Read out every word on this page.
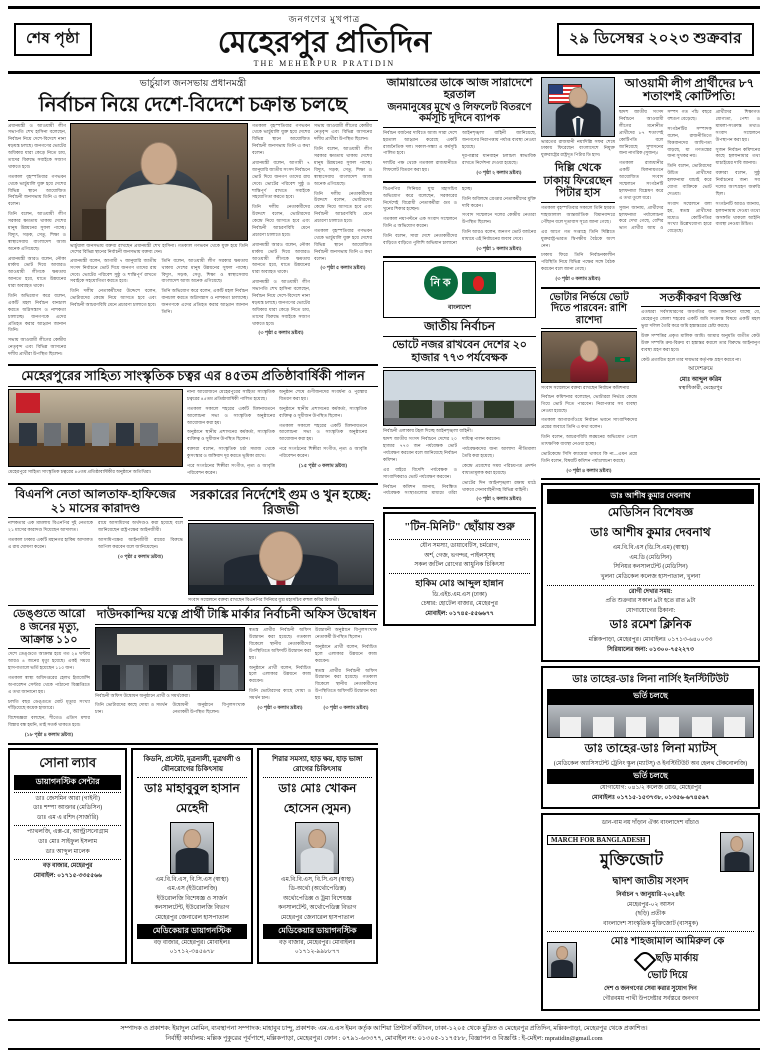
শেষ পৃষ্ঠা
জনগণের মুখপাত্র
মেহেরপুর প্রতিদিন
THE MEHERPUR PRATIDIN
২৯ ডিসেম্বর ২০২৩ শুক্রবার
ভার্চুয়াল জনসভায় প্রধানমন্ত্রী
নির্বাচন নিয়ে দেশে-বিদেশে চক্রান্ত চলছে

প্রধানমন্ত্রী ও আওয়ামী লীগ সভাপতি শেখ হাসিনা বলেছেন, নির্বাচন নিয়ে দেশে-বিদেশে নানা ষড়যন্ত্র চলছে। জনগণের ভোটের অধিকার যারা কেড়ে নিতে চায়, তাদের বিরুদ্ধে সবাইকে সজাগ থাকতে হবে।

গতকাল বৃহস্পতিবার গণভবন থেকে ভার্চুয়ালি যুক্ত হয়ে দেশের বিভিন্ন স্থানে আয়োজিত নির্বাচনী জনসভায় তিনি এ কথা বলেন।

তিনি বলেন, আওয়ামী লীগ সরকার ক্ষমতায় থাকায় দেশের মানুষ উন্নয়নের সুফল পাচ্ছে। বিদ্যুৎ, সড়ক, সেতু, শিক্ষা ও স্বাস্থ্যসেবায় বাংলাদেশ আজ অনেক এগিয়েছে।

প্রধানমন্ত্রী আরও বলেন, নৌকা মার্কায় ভোট দিয়ে আবারও আওয়ামী লীগকে ক্ষমতায় আনতে হবে, যাতে উন্নয়নের ধারা অব্যাহত থাকে।

তিনি অভিযোগ করে বলেন, একটি মহল নির্বাচন বানচাল করতে অগ্নিসন্ত্রাস ও নাশকতা চালাচ্ছে। জনগণকে এদের প্রতিহত করার আহ্বান জানান তিনি।

সভায় আওয়ামী লীগের কেন্দ্রীয় নেতৃবৃন্দ এবং বিভিন্ন আসনের দলীয় প্রার্থীরা উপস্থিত ছিলেন।

ভার্চুয়াল জনসভায় বক্তব্য রাখছেন প্রধানমন্ত্রী শেখ হাসিনা। গতকাল গণভবন থেকে যুক্ত হয়ে তিনি দেশের বিভিন্ন স্থানের নির্বাচনী জনসভায় বক্তব্য দেন।

প্রধানমন্ত্রী বলেন, আগামী ৭ জানুয়ারি জাতীয় সংসদ নির্বাচনে ভোট দিয়ে জনগণ তাদের রায় দেবে। ভোটের পরিবেশ সুষ্ঠু ও শান্তিপূর্ণ রাখতে সবাইকে সহযোগিতা করতে হবে।

তিনি দলীয় নেতাকর্মীদের উদ্দেশে বলেন, ভোটারদের কেন্দ্রে নিয়ে আসতে হবে এবং নির্বাচনী আচরণবিধি মেনে প্রচারণা চালাতে হবে।

তিনি বলেন, আওয়ামী লীগ সরকার ক্ষমতায় থাকায় দেশের মানুষ উন্নয়নের সুফল পাচ্ছে। বিদ্যুৎ, সড়ক, সেতু, শিক্ষা ও স্বাস্থ্যসেবায় বাংলাদেশ আজ অনেক এগিয়েছে।

তিনি অভিযোগ করে বলেন, একটি মহল নির্বাচন বানচাল করতে অগ্নিসন্ত্রাস ও নাশকতা চালাচ্ছে। জনগণকে এদের প্রতিহত করার আহ্বান জানান তিনি।

গতকাল বৃহস্পতিবার গণভবন থেকে ভার্চুয়ালি যুক্ত হয়ে দেশের বিভিন্ন স্থানে আয়োজিত নির্বাচনী জনসভায় তিনি এ কথা বলেন।

প্রধানমন্ত্রী বলেন, আগামী ৭ জানুয়ারি জাতীয় সংসদ নির্বাচনে ভোট দিয়ে জনগণ তাদের রায় দেবে। ভোটের পরিবেশ সুষ্ঠু ও শান্তিপূর্ণ রাখতে সবাইকে সহযোগিতা করতে হবে।

তিনি দলীয় নেতাকর্মীদের উদ্দেশে বলেন, ভোটারদের কেন্দ্রে নিয়ে আসতে হবে এবং নির্বাচনী আচরণবিধি মেনে প্রচারণা চালাতে হবে।

প্রধানমন্ত্রী আরও বলেন, নৌকা মার্কায় ভোট দিয়ে আবারও আওয়ামী লীগকে ক্ষমতায় আনতে হবে, যাতে উন্নয়নের ধারা অব্যাহত থাকে।

প্রধানমন্ত্রী ও আওয়ামী লীগ সভাপতি শেখ হাসিনা বলেছেন, নির্বাচন নিয়ে দেশে-বিদেশে নানা ষড়যন্ত্র চলছে। জনগণের ভোটের অধিকার যারা কেড়ে নিতে চায়, তাদের বিরুদ্ধে সবাইকে সজাগ থাকতে হবে।

(৩ পৃষ্ঠা ৫ কলাম দ্রষ্টব্য)

সভায় আওয়ামী লীগের কেন্দ্রীয় নেতৃবৃন্দ এবং বিভিন্ন আসনের দলীয় প্রার্থীরা উপস্থিত ছিলেন।

তিনি বলেন, আওয়ামী লীগ সরকার ক্ষমতায় থাকায় দেশের মানুষ উন্নয়নের সুফল পাচ্ছে। বিদ্যুৎ, সড়ক, সেতু, শিক্ষা ও স্বাস্থ্যসেবায় বাংলাদেশ আজ অনেক এগিয়েছে।

তিনি দলীয় নেতাকর্মীদের উদ্দেশে বলেন, ভোটারদের কেন্দ্রে নিয়ে আসতে হবে এবং নির্বাচনী আচরণবিধি মেনে প্রচারণা চালাতে হবে।

গতকাল বৃহস্পতিবার গণভবন থেকে ভার্চুয়ালি যুক্ত হয়ে দেশের বিভিন্ন স্থানে আয়োজিত নির্বাচনী জনসভায় তিনি এ কথা বলেন।

(৩ পৃষ্ঠা ৫ কলাম দ্রষ্টব্য)
মেহেরপুরের সাহিত্য সাংস্কৃতিক চত্বর এর ৪৫তম প্রতিষ্ঠাবার্ষিকী পালন
মেহেরপুরে সাহিত্য সাংস্কৃতিক চত্বরের ৪৫তম প্রতিষ্ঠাবার্ষিকীর অনুষ্ঠানে অতিথিরা।

নানা আয়োজনে মেহেরপুরের সাহিত্য সাংস্কৃতিক চত্বরের ৪৫তম প্রতিষ্ঠাবার্ষিকী পালিত হয়েছে।

গতকাল সকালে শহরের একটি মিলনায়তনে আলোচনা সভা ও সাংস্কৃতিক অনুষ্ঠানের আয়োজন করা হয়।

অনুষ্ঠানে স্থানীয় প্রশাসনের কর্মকর্তা, সাংস্কৃতিক ব্যক্তিত্ব ও সুধীজন উপস্থিত ছিলেন।

বক্তারা বলেন, সাংস্কৃতিক চর্চা সমাজ থেকে কুসংস্কার ও জঙ্গিবাদ দূর করতে ভূমিকা রাখে।

পরে সংগঠনের শিল্পীরা সংগীত, নৃত্য ও আবৃত্তি পরিবেশন করেন।

অনুষ্ঠান শেষে গুণীজনদের সংবর্ধনা ও পুরস্কার বিতরণ করা হয়।

অনুষ্ঠানে স্থানীয় প্রশাসনের কর্মকর্তা, সাংস্কৃতিক ব্যক্তিত্ব ও সুধীজন উপস্থিত ছিলেন।

গতকাল সকালে শহরের একটি মিলনায়তনে আলোচনা সভা ও সাংস্কৃতিক অনুষ্ঠানের আয়োজন করা হয়।

পরে সংগঠনের শিল্পীরা সংগীত, নৃত্য ও আবৃত্তি পরিবেশন করেন।

(১৫ পৃষ্ঠা ৩ কলাম দ্রষ্টব্য)
বিএনপি নেতা আলতাফ-হাফিজের ২১ মাসের কারাদণ্ড

নাশকতার এক মামলায় বিএনপির দুই নেতাকে ২১ মাসের কারাদণ্ড দিয়েছেন আদালত।

গতকাল ঢাকার একটি মহানগর হাকিম আদালত এ রায় ঘোষণা করেন।

রায়ে আসামিদের অর্থদণ্ডও করা হয়েছে বলে জানিয়েছেন রাষ্ট্রপক্ষের আইনজীবী।

আসামিপক্ষের আইনজীবী রায়ের বিরুদ্ধে আপিল করবেন বলে জানিয়েছেন।

(৩ পৃষ্ঠা ৫ কলাম দ্রষ্টব্য)
সরকারের নির্দেশেই গুম ও খুন হচ্ছে: রিজভী
সংবাদ সম্মেলনে বক্তব্য রাখছেন বিএনপির সিনিয়র যুগ্ম মহাসচিব রুহুল কবির রিজভী।
ডেঙ্গুতে আরো ৪ জনের মৃত্যু, আক্রান্ত ১১০

দেশে ডেঙ্গুতে আক্রান্ত হয়ে গত ২৪ ঘণ্টায় আরও ৪ জনের মৃত্যু হয়েছে। একই সময়ে হাসপাতালে ভর্তি হয়েছেন ১১০ জন।

গতকাল স্বাস্থ্য অধিদপ্তরের হেলথ ইমার্জেন্সি অপারেশন সেন্টার থেকে পাঠানো বিজ্ঞপ্তিতে এ তথ্য জানানো হয়।

চলতি বছর ডেঙ্গুতে মোট মৃত্যুর সংখ্যা দাঁড়িয়েছে কয়েক হাজারে।

বিশেষজ্ঞরা বলছেন, শীতেও এডিস মশার বিস্তার বন্ধ হয়নি, তাই সতর্ক থাকতে হবে।

(১৮ পৃষ্ঠা ৪ কলাম দ্রষ্টব্য)
দাউদকান্দিয় যত্নে প্রার্থী টাঙ্কি মার্কার নির্বাচনী অফিস উদ্বোধন
নির্বাচনী অফিস উদ্বোধন অনুষ্ঠানে প্রার্থী ও সমর্থকেরা।

তিনি ভোটারদের কাছে দোয়া ও সমর্থন চান।

উদ্বোধনী অনুষ্ঠানে বিপুলসংখ্যক নেতাকর্মী উপস্থিত ছিলেন।

স্বতন্ত্র প্রার্থীর নির্বাচনী অফিস উদ্বোধন করা হয়েছে। গতকাল বিকেলে স্থানীয় নেতাকর্মীদের উপস্থিতিতে অফিসটি উদ্বোধন করা হয়।

অনুষ্ঠানে প্রার্থী বলেন, নির্বাচিত হলে এলাকার উন্নয়নে কাজ করবেন।

তিনি ভোটারদের কাছে দোয়া ও সমর্থন চান।

(৩ পৃষ্ঠা ৩ কলাম দ্রষ্টব্য)

উদ্বোধনী অনুষ্ঠানে বিপুলসংখ্যক নেতাকর্মী উপস্থিত ছিলেন।

অনুষ্ঠানে প্রার্থী বলেন, নির্বাচিত হলে এলাকার উন্নয়নে কাজ করবেন।

স্বতন্ত্র প্রার্থীর নির্বাচনী অফিস উদ্বোধন করা হয়েছে। গতকাল বিকেলে স্থানীয় নেতাকর্মীদের উপস্থিতিতে অফিসটি উদ্বোধন করা হয়।

(৩ পৃষ্ঠা ৩ কলাম দ্রষ্টব্য)
সোনা ল্যাব
ডায়াগনস্টিক সেন্টার
ডাঃ জেসমিন আরা (গাইনী)
ডাঃ শম্পা আক্তার (মেডিসিন)
ডাঃ এম এ রশিদ (সার্জারি)
প্যাথলজি, এক্স-রে, আল্ট্রাসনোগ্রাম
ডাঃ মোঃ সাইফুল ইসলাম
ডাঃ আব্দুল মালেক
বড় বাজার, মেহেরপুর
মোবাইল: ০১৭১৫-৩৩৫৫৬৬
কিডনি, প্রস্টেট, মূত্রনালী, মূত্রথলী ও যৌনরোগের চিকিৎসায়
ডাঃ মাহাবুবুল হাসান মেহেদী
এম.বি.বি.এস, বি.সি.এস (স্বাস্থ্য)
এম.এস (ইউরোলজি)
ইউরোলজি বিশেষজ্ঞ ও সার্জন
কনসালটেন্ট, ইউরোলজি বিভাগ
মেহেরপুর জেনারেল হাসপাতাল
মেডিকেয়ার ডায়াগনস্টিক
বড় বাজার, মেহেরপুর। মোবাইলঃ ০১৭১২-৩৪৫৬৭৮
শিরার সমস্যা, হাড় ক্ষয়, হাড় ভাঙ্গা রোগের চিকিৎসায়
ডাঃ মোঃ খোকন হোসেন (সুমন)
এম.বি.বি.এস, বি.সি.এস (স্বাস্থ্য)
ডি-অর্থো (অর্থোপেডিক্স)
অর্থোপেডিক্স ও ট্রমা বিশেষজ্ঞ
কনসালটেন্ট, অর্থোপেডিক্স বিভাগ
মেহেরপুর জেনারেল হাসপাতাল
মেডিকেয়ার ডায়াগনস্টিক
বড় বাজার, মেহেরপুর। মোবাইলঃ ০১৭১২-৯৯৮৮৭৭
জামায়াতের ডাকে আজ সারাদেশে হরতাল
জনমানুষের মুখে ও লিফলেট বিতরণে কর্মসূচি দুদিনে ব্যাপক

নির্বাচন বর্জনের দাবিতে আজ সারা দেশে হরতাল আহ্বান করেছে একটি রাজনৈতিক দল। সকাল-সন্ধ্যা এ কর্মসূচি পালিত হবে।

দলটির পক্ষ থেকে গতকাল রাজধানীতে লিফলেট বিতরণ করা হয়।

আইনশৃঙ্খলা বাহিনী জানিয়েছে, জনগণের নিরাপত্তায় পর্যাপ্ত ব্যবস্থা নেওয়া হয়েছে।

দূরপাল্লার যানবাহন চলাচল স্বাভাবিক রাখতে নির্দেশনা দেওয়া হয়েছে।

(৩ পৃষ্ঠা ২ কলাম দ্রষ্টব্য)

বিএনপির সিনিয়র যুগ্ম মহাসচিব অভিযোগ করে বলেছেন, সরকারের নির্দেশেই বিরোধী নেতাকর্মীরা গুম ও খুনের শিকার হচ্ছেন।

গতকাল নয়াপল্টনে এক সংবাদ সম্মেলনে তিনি এ অভিযোগ করেন।

তিনি বলেন, সারা দেশে নেতাকর্মীদের বাড়িতে বাড়িতে পুলিশি অভিযান চালানো হচ্ছে।

তিনি অবিলম্বে গ্রেপ্তার নেতাকর্মীদের মুক্তি দাবি করেন।

সংবাদ সম্মেলনে দলের কেন্দ্রীয় নেতারা উপস্থিত ছিলেন।

তিনি আরও বলেন, জনগণ ভোট বর্জনের মাধ্যমে এই নির্বাচনের জবাব দেবে।

(৩ পৃষ্ঠা ১ কলাম দ্রষ্টব্য)
নি ক
বাংলাদেশ
জাতীয় নির্বাচন
ভোটে নজর রাখবেন দেশের ২০ হাজার ৭৭৩ পর্যবেক্ষক
নির্বাচনী এলাকায় টহল দিচ্ছে আইনশৃঙ্খলা বাহিনী।

দ্বাদশ জাতীয় সংসদ নির্বাচনে দেশের ২০ হাজার ৭৭৩ জন পর্যবেক্ষক ভোট পর্যবেক্ষণ করবেন বলে জানিয়েছে নির্বাচন কমিশন।

এর বাইরে বিদেশি পর্যবেক্ষক ও সাংবাদিকরাও ভোট পর্যবেক্ষণ করবেন।

নির্বাচন কমিশন জানায়, নিবন্ধিত পর্যবেক্ষক সংস্থাগুলোর মাধ্যমে তাঁরা দায়িত্ব পালন করবেন।

পর্যবেক্ষকদের জন্য আলাদা নীতিমালা তৈরি করা হয়েছে।

কেন্দ্রে প্রবেশের সময় পরিচয়পত্র প্রদর্শন বাধ্যতামূলক করা হয়েছে।

ভোটের দিন আইনশৃঙ্খলা রক্ষায় মাঠে থাকবে সেনাবাহিনীসহ বিভিন্ন বাহিনী।

(৩ পৃষ্ঠা ২ কলাম দ্রষ্টব্য)
"টিন-মিনিট" ছোঁয়ায় শুরু
যৌন সমস্যা, ডায়াবেটিস, চর্মরোগ,
অর্শ, গেজ, ভগন্দর, পাইলস্‌সহ
সকল জটিল রোগের আধুনিক চিকিৎসা
হাকিম মোঃ আব্দুল হান্নান
ডি.এইচ.এম.এস (ঢাকা)
চেম্বার: হোটেল বাজার, মেহেরপুর
মোবাইল: ০১৭৪৫-৫৫৬৬৭৭

ভারতের রাজধানী নয়াদিল্লি সফর শেষে ঢাকায় ফিরেছেন বাংলাদেশে নিযুক্ত যুক্তরাষ্ট্রের রাষ্ট্রদূত পিটার ডি হাস।

দিল্লি থেকে ঢাকায় ফিরেছেন পিটার হাস

গতকাল বৃহস্পতিবার সকালে তিনি হযরত শাহজালাল আন্তর্জাতিক বিমানবন্দরে পৌঁছান বলে দূতাবাস সূত্রে জানা গেছে।

এর আগে গত সপ্তাহে তিনি দিল্লিতে যুক্তরাষ্ট্র-ভারত দ্বিপক্ষীয় বৈঠকে অংশ নেন।

ঢাকায় ফিরে তিনি নির্বাচনকালীন পরিস্থিতি নিয়ে বিভিন্ন পক্ষের সঙ্গে বৈঠক করবেন বলে জানা গেছে।

(৩ পৃষ্ঠা ৩ কলাম দ্রষ্টব্য)
আওয়ামী লীগ প্রার্থীদের ৮৭ শতাংশই কোটিপতি!

দ্বাদশ জাতীয় সংসদ নির্বাচনে আওয়ামী লীগের মনোনীত প্রার্থীদের ৮৭ শতাংশই কোটিপতি বলে জানিয়েছে সুশাসনের জন্য নাগরিক (সুজন)।

গতকাল রাজধানীর একটি মিলনায়তনে আয়োজিত সংবাদ সম্মেলনে সংগঠনটি হলফনামা বিশ্লেষণ করে এ তথ্য তুলে ধরে।

সুজন জানায়, প্রার্থীদের হলফনামা পর্যালোচনা করে দেখা গেছে, বেশির ভাগ প্রার্থীর আয় ও সম্পদ গত পাঁচ বছরে বহুগুণ বেড়েছে।

সংগঠনটির সম্পাদক বলেন, রাজনীতিতে বিত্তবানদের আধিপত্য বাড়ছে, যা গণতন্ত্রের জন্য সুখকর নয়।

তিনি বলেন, ভোটারদের উচিত প্রার্থীদের হলফনামা যাচাই করে যোগ্য ব্যক্তিকে ভোট দেওয়া।

সংবাদ সম্মেলনে বলা হয়, স্বতন্ত্র প্রার্থীদের মধ্যেও কোটিপতির সংখ্যা উল্লেখযোগ্য হারে বেড়েছে।

প্রার্থীদের শিক্ষাগত যোগ্যতা, পেশা ও মামলা-সংক্রান্ত তথ্যও সংবাদ সম্মেলনে উপস্থাপন করা হয়।

সুজন নির্বাচন কমিশনের কাছে হলফনামার তথ্য যাচাইয়ের দাবি জানায়।

বক্তারা বলেন, সুষ্ঠু নির্বাচনের জন্য সব দলের অংশগ্রহণ জরুরি ছিল।

সংগঠনটি আরও জানায়, হলফনামায় দেওয়া তথ্যে অসঙ্গতি থাকলে আইনি ব্যবস্থা নেওয়া উচিত।

ভোটার নির্ভয়ে ভোট দিতে পারবেন: রাশি রাশেদা
সংবাদ সম্মেলনে বক্তব্য রাখছেন নির্বাচন কমিশনার

নির্বাচন কমিশনার বলেছেন, ভোটাররা নির্ভয়ে কেন্দ্রে গিয়ে ভোট দিতে পারবেন। নিরাপত্তার সব ব্যবস্থা নেওয়া হয়েছে।

গতকাল আগারগাঁওয়ে নির্বাচন ভবনে সাংবাদিকদের প্রশ্নের জবাবে তিনি এ কথা বলেন।

তিনি বলেন, আচরণবিধি লঙ্ঘনের অভিযোগ পেলে তাৎক্ষণিক ব্যবস্থা নেওয়া হচ্ছে।

ভোটকেন্দ্রে সিসি ক্যামেরা থাকবে কি না—এমন প্রশ্নে তিনি বলেন, বিষয়টি কমিশন পর্যালোচনা করছে।

(৩ পৃষ্ঠা ৪ কলাম দ্রষ্টব্য)
সতর্কীকরণ বিজ্ঞপ্তি

এতদ্বারা সর্বসাধারণের অবগতির জন্য জানানো যাচ্ছে যে, মেহেরপুর জেলা শহরের একটি জমি সংক্রান্ত বিষয়ে একটি মহল ভুয়া দলিল তৈরি করে জমি হস্তান্তরের চেষ্টা করছে।

উক্ত সম্পত্তির প্রকৃত মালিক আমি। আমার অনুমতি ব্যতীত কেউ উক্ত সম্পত্তি ক্রয়-বিক্রয় বা হস্তান্তর করলে তার বিরুদ্ধে আইনানুগ ব্যবস্থা গ্রহণ করা হবে।

কেউ প্রতারিত হলে তার দায়ভার কর্তৃপক্ষ গ্রহণ করবে না।

আদেশক্রমে
মোঃ আব্দুল করিম
স্বত্বাধিকারী, মেহেরপুর
ডাঃ আশীষ কুমার দেবনাথ
মেডিসিন বিশেষজ্ঞ
ডাঃ আশীষ কুমার দেবনাথ
এম.বি.বি.এস (ডি.সি.এম) (স্বাস্থ্য)
এম.ডি (মেডিসিন)
সিনিয়র কনসালটেন্ট (মেডিসিন)
খুলনা মেডিকেল কলেজ হাসপাতাল, খুলনা
রোগী দেখার সময়:
প্রতি শুক্রবার সকাল ৯টা হতে রাত ৯টা
যোগাযোগের ঠিকানা:
ডাঃ রমেশ ক্লিনিক
মল্লিকপাড়া, মেহেরপুর। মোবাইলঃ ০১৭১৩-৬৪০০৩৩
সিরিয়ালের জন্য: ০১৩০০-৭৫২২৭৩
ডাঃ তাহের-ডাঃ লিনা নার্সিং ইনস্টিটিউট
ভর্তি চলছে
ডাঃ তাহের-ডাঃ লিনা ম্যাটস্
(মেডিকেল অ্যাসিসটেন্ট ট্রেনিং স্কুল (ম্যাটস্) ও ইনস্টিটিউট অব হেলথ টেকনোলজি)
ভর্তি চলছে
যোগাযোগ: ০৪১/২ কলেজ রোড, মেহেরপুর
মোবাইলঃ ০১৭১৫-১৫৩৭৩৮, ০১৩৫৬-৬৭৪৫৬৭
ডান-বাম নয় দাঁড়ান ঐক্য বাংলাদেশ বাঁচাও
MARCH FOR BANGLADESH
মুক্তিজোট
দ্বাদশ জাতীয় সংসদ
নির্বাচন ৭ জানুয়ারি-২০২৪ইং
মেহেরপুর-০২ আসন
(ছড়ি) প্রতীক
বাংলাদেশ সাংস্কৃতিক মুক্তিজোট (বাসমুক)
মোঃ শাহজামাল আমিরুল কে
ছড়ি মার্কায়
ভোট দিয়ে
দেশ ও জনগণের সেবা করার সুযোগ দিন
গৌরবময় পাথী উপদেষ্টার সর্বস্তরে জনগণ
সম্পাদক ও প্রকাশক: ইয়াদুল মোমিন, ব্যবস্থাপনা সম্পাদক: মাহাবুব চান্দু, প্রকাশক: এম.এ.এস ইমন কর্তৃক আশিয়া প্রিন্টার্স কাঁটাবন, ঢাকা-১২০৫ থেকে মুদ্রিত ও মেহেরপুর প্রতিদিন, মল্লিকপাড়া, মেহেরপুর থেকে প্রকাশিত।
নির্বাহী কার্যালয়: মল্লিক পুকুরের পূর্বপাশে, মল্লিকপাড়া, মেহেরপুর। ফোন : ০৭৯১-৬৩৩৭৭, মোবাইল নং: ০১৩০৫-১১৭৫৮৮, বিজ্ঞাপন ও বিজ্ঞপ্তি : ই-মেইল: mpratidin@gmail.com
